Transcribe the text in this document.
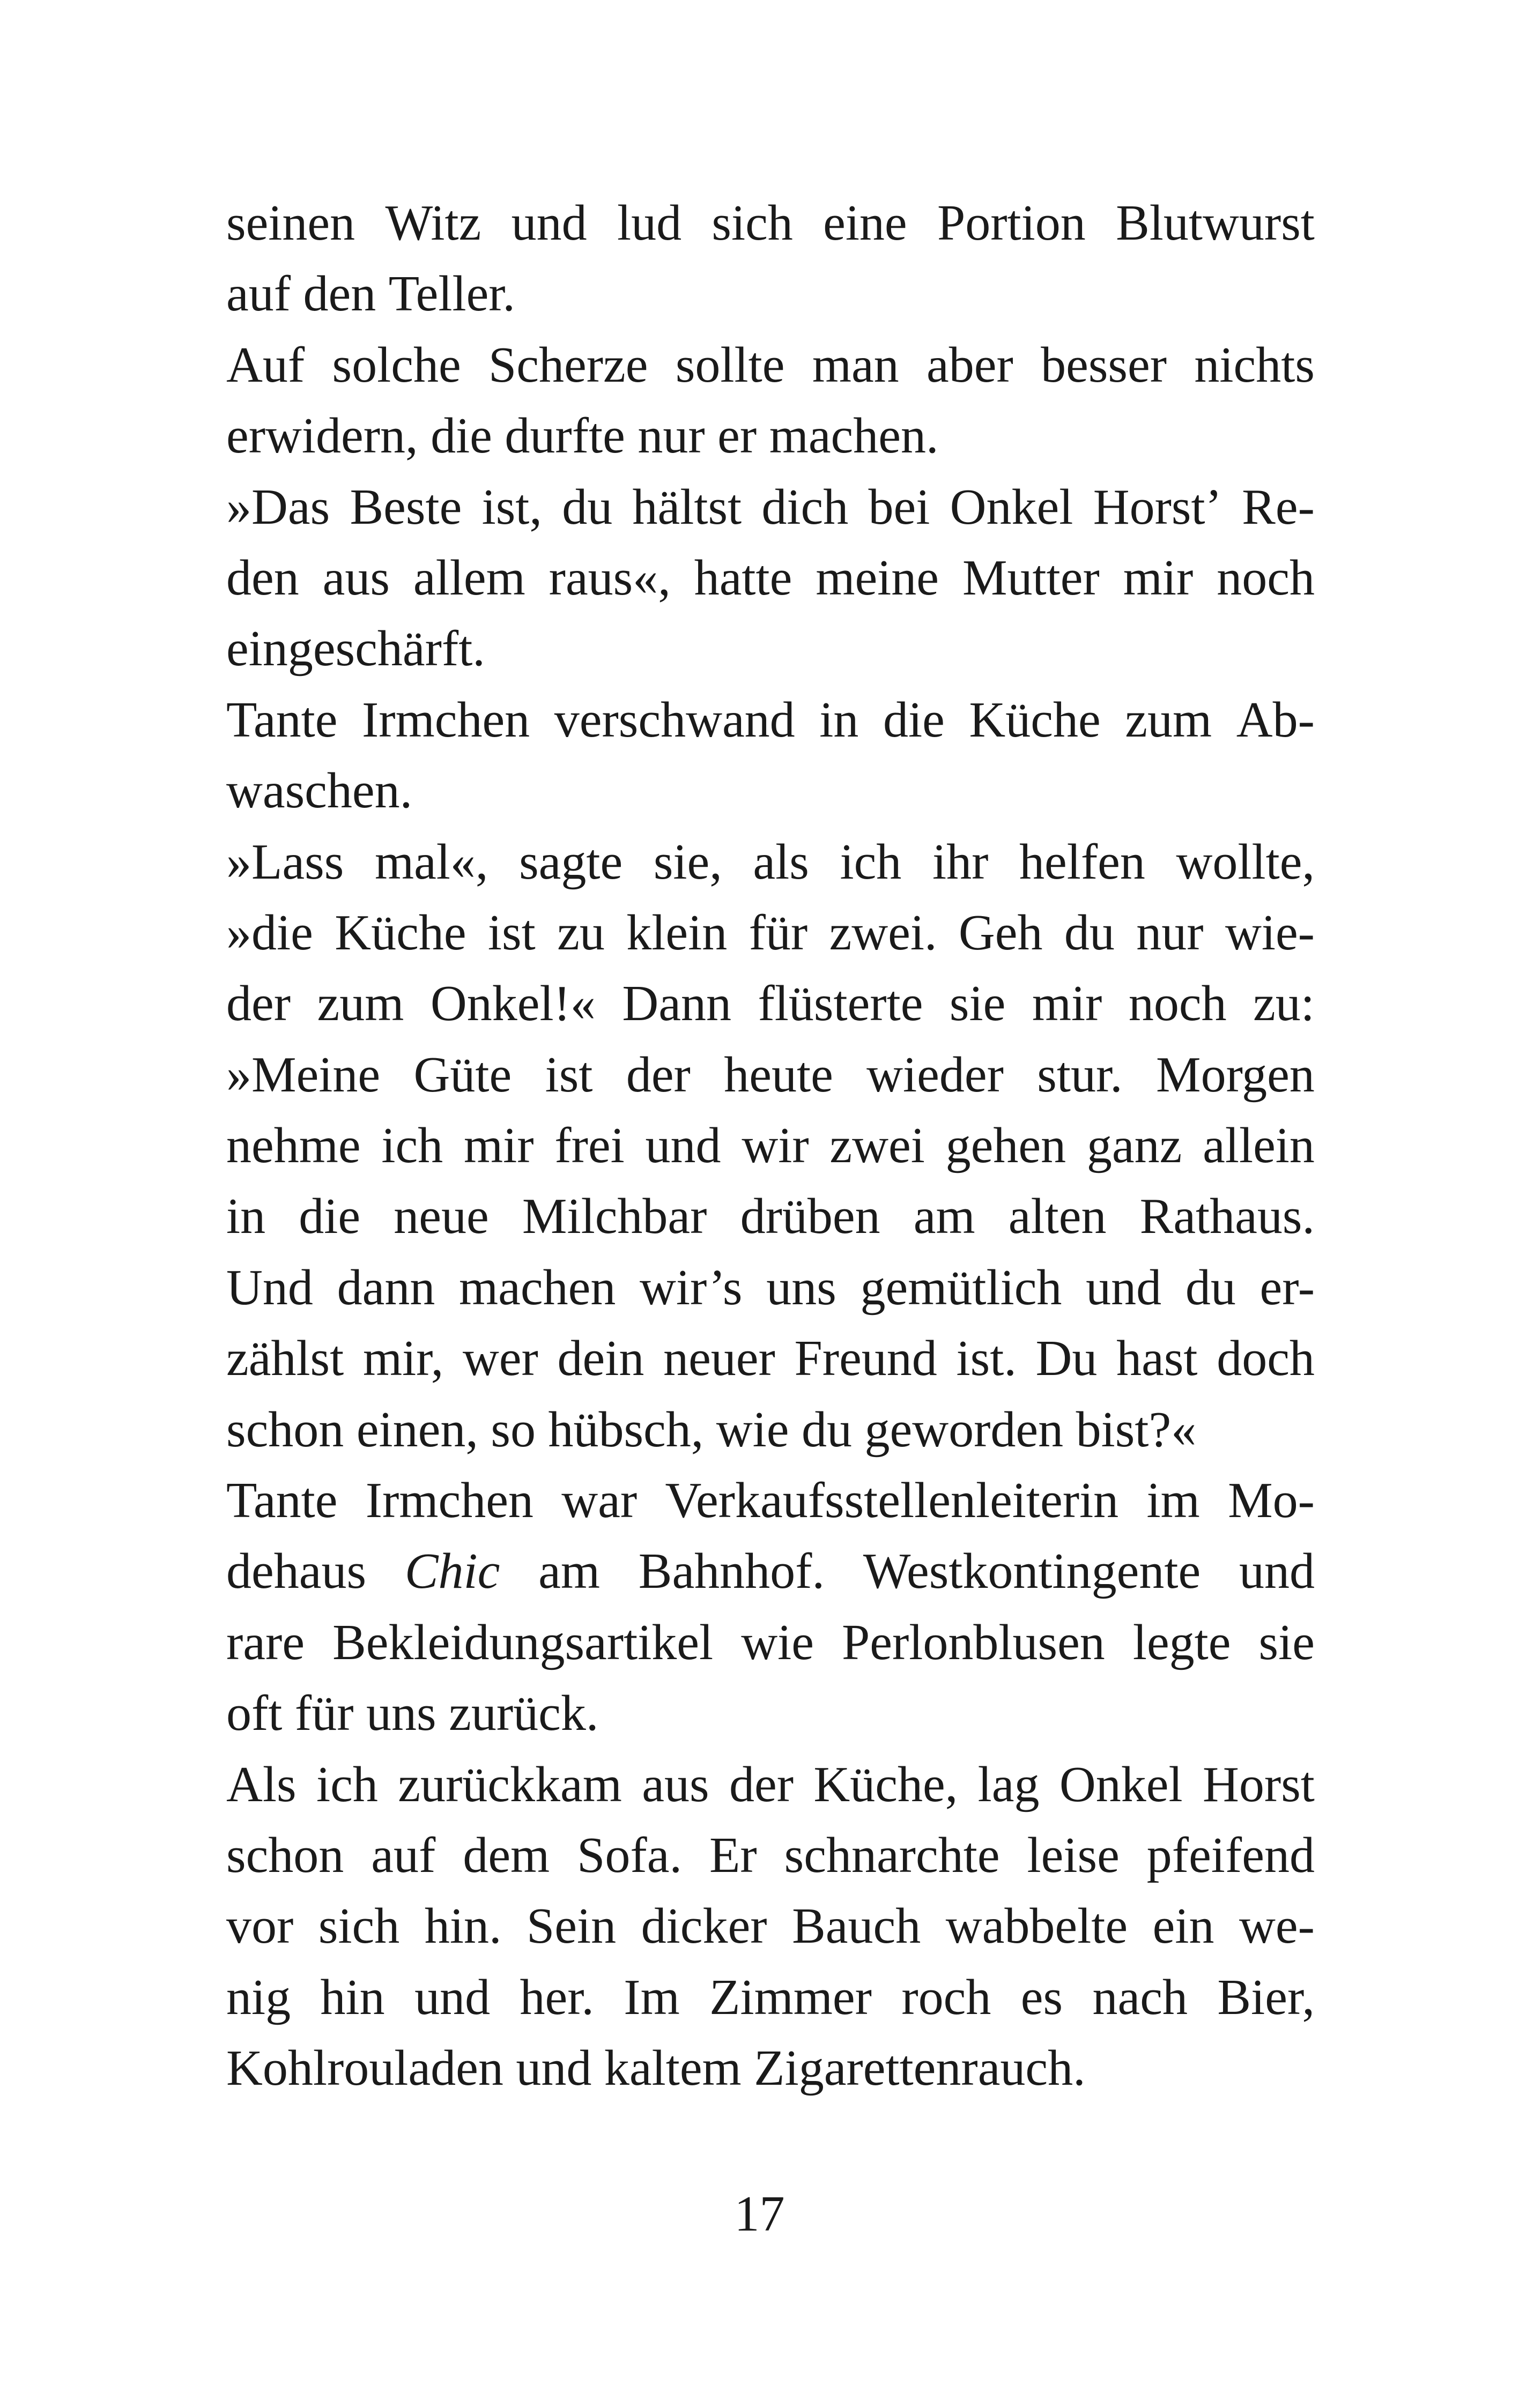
seinen Witz und lud sich eine Portion Blutwurst
auf den Teller.
Auf solche Scherze sollte man aber besser nichts
erwidern, die durfte nur er machen.
»Das Beste ist, du hältst dich bei Onkel Horst’ Re-
den aus allem raus«, hatte meine Mutter mir noch
eingeschärft.
Tante Irmchen verschwand in die Küche zum Ab-
waschen.
»Lass mal«, sagte sie, als ich ihr helfen wollte,
»die Küche ist zu klein für zwei. Geh du nur wie-
der zum Onkel!« Dann flüsterte sie mir noch zu:
»Meine Güte ist der heute wieder stur. Morgen
nehme ich mir frei und wir zwei gehen ganz allein
in die neue Milchbar drüben am alten Rathaus.
Und dann machen wir’s uns gemütlich und du er-
zählst mir, wer dein neuer Freund ist. Du hast doch
schon einen, so hübsch, wie du geworden bist?«
Tante Irmchen war Verkaufsstellenleiterin im Mo-
dehaus Chic am Bahnhof. Westkontingente und
rare Bekleidungsartikel wie Perlonblusen legte sie
oft für uns zurück.
Als ich zurückkam aus der Küche, lag Onkel Horst
schon auf dem Sofa. Er schnarchte leise pfeifend
vor sich hin. Sein dicker Bauch wabbelte ein we-
nig hin und her. Im Zimmer roch es nach Bier,
Kohlrouladen und kaltem Zigarettenrauch.
17
